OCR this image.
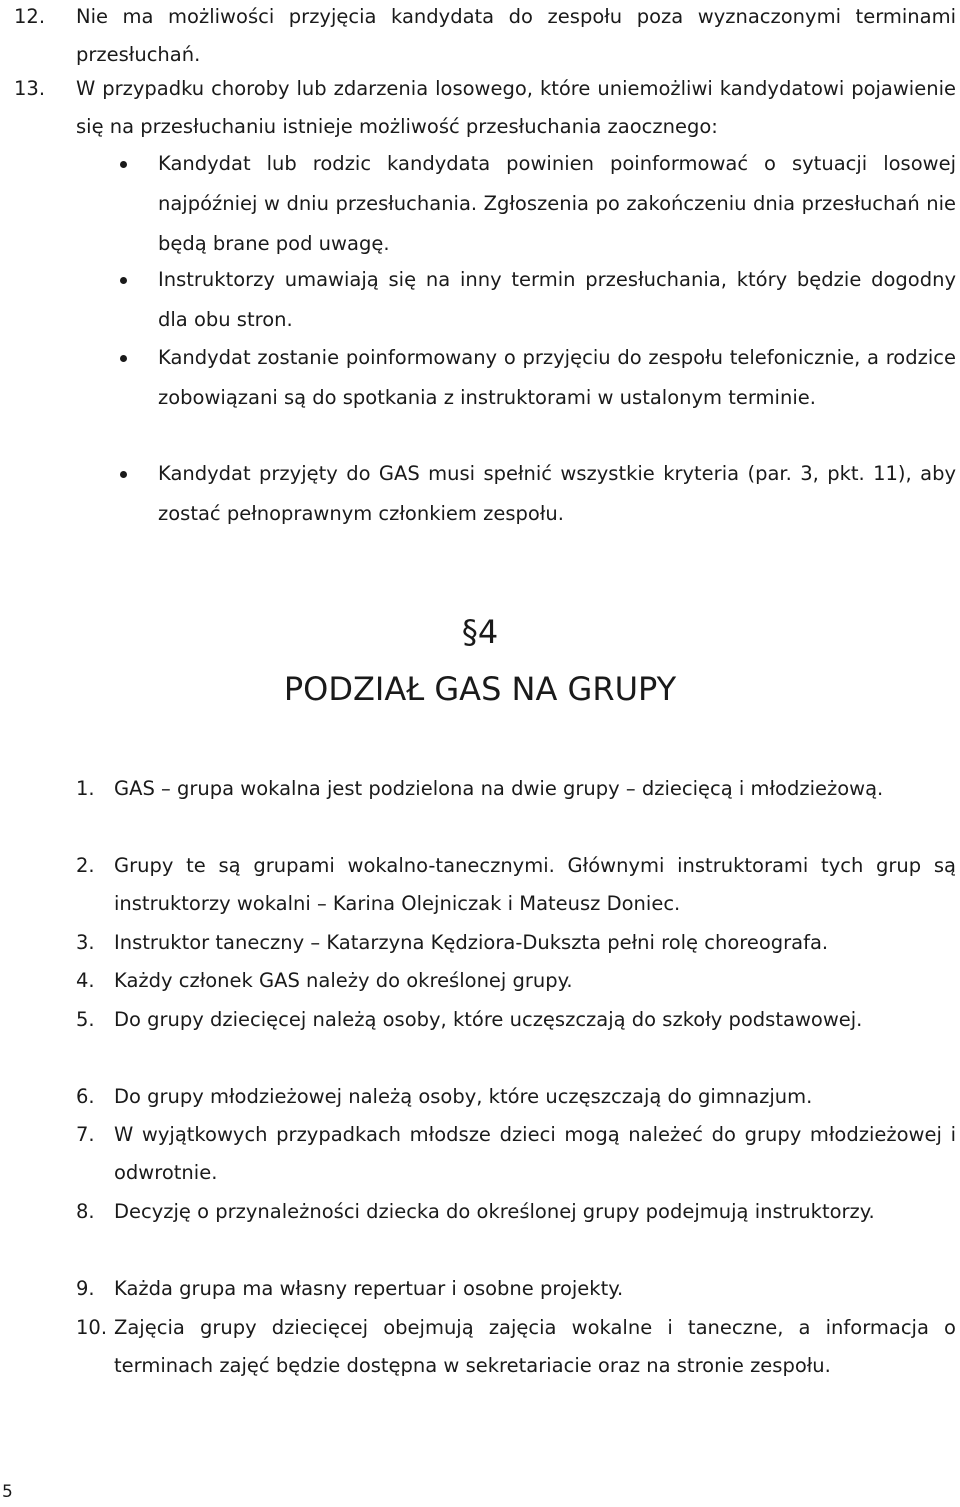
12. Nie ma możliwości przyjęcia kandydata do zespołu poza wyznaczonymi terminami przesłuchań.
13. W przypadku choroby lub zdarzenia losowego, które uniemożliwi kandydatowi pojawienie się na przesłuchaniu istnieje możliwość przesłuchania zaocznego:
Kandydat lub rodzic kandydata powinien poinformować o sytuacji losowej najpóźniej w dniu przesłuchania. Zgłoszenia po zakończeniu dnia przesłuchań nie będą brane pod uwagę.
Instruktorzy umawiają się na inny termin przesłuchania, który będzie dogodny dla obu stron.
Kandydat zostanie poinformowany o przyjęciu do zespołu telefonicznie, a rodzice zobowiązani są do spotkania z instruktorami w ustalonym terminie.
Kandydat przyjęty do GAS musi spełnić wszystkie kryteria (par. 3, pkt. 11), aby zostać pełnoprawnym członkiem zespołu.
§4
PODZIAŁ GAS NA GRUPY
1. GAS – grupa wokalna jest podzielona na dwie grupy – dziecięcą i młodzieżową.
2. Grupy te są grupami wokalno-tanecznymi. Głównymi instruktorami tych grup są instruktorzy wokalni – Karina Olejniczak i Mateusz Doniec.
3. Instruktor taneczny – Katarzyna Kędziora-Dukszta pełni rolę choreografa.
4. Każdy członek GAS należy do określonej grupy.
5. Do grupy dziecięcej należą osoby, które uczęszczają do szkoły podstawowej.
6. Do grupy młodzieżowej należą osoby, które uczęszczają do gimnazjum.
7. W wyjątkowych przypadkach młodsze dzieci mogą należeć do grupy młodzieżowej i odwrotnie.
8. Decyzję o przynależności dziecka do określonej grupy podejmują instruktorzy.
9. Każda grupa ma własny repertuar i osobne projekty.
10. Zajęcia grupy dziecięcej obejmują zajęcia wokalne i taneczne, a informacja o terminach zajęć będzie dostępna w sekretariacie oraz na stronie zespołu.
5
